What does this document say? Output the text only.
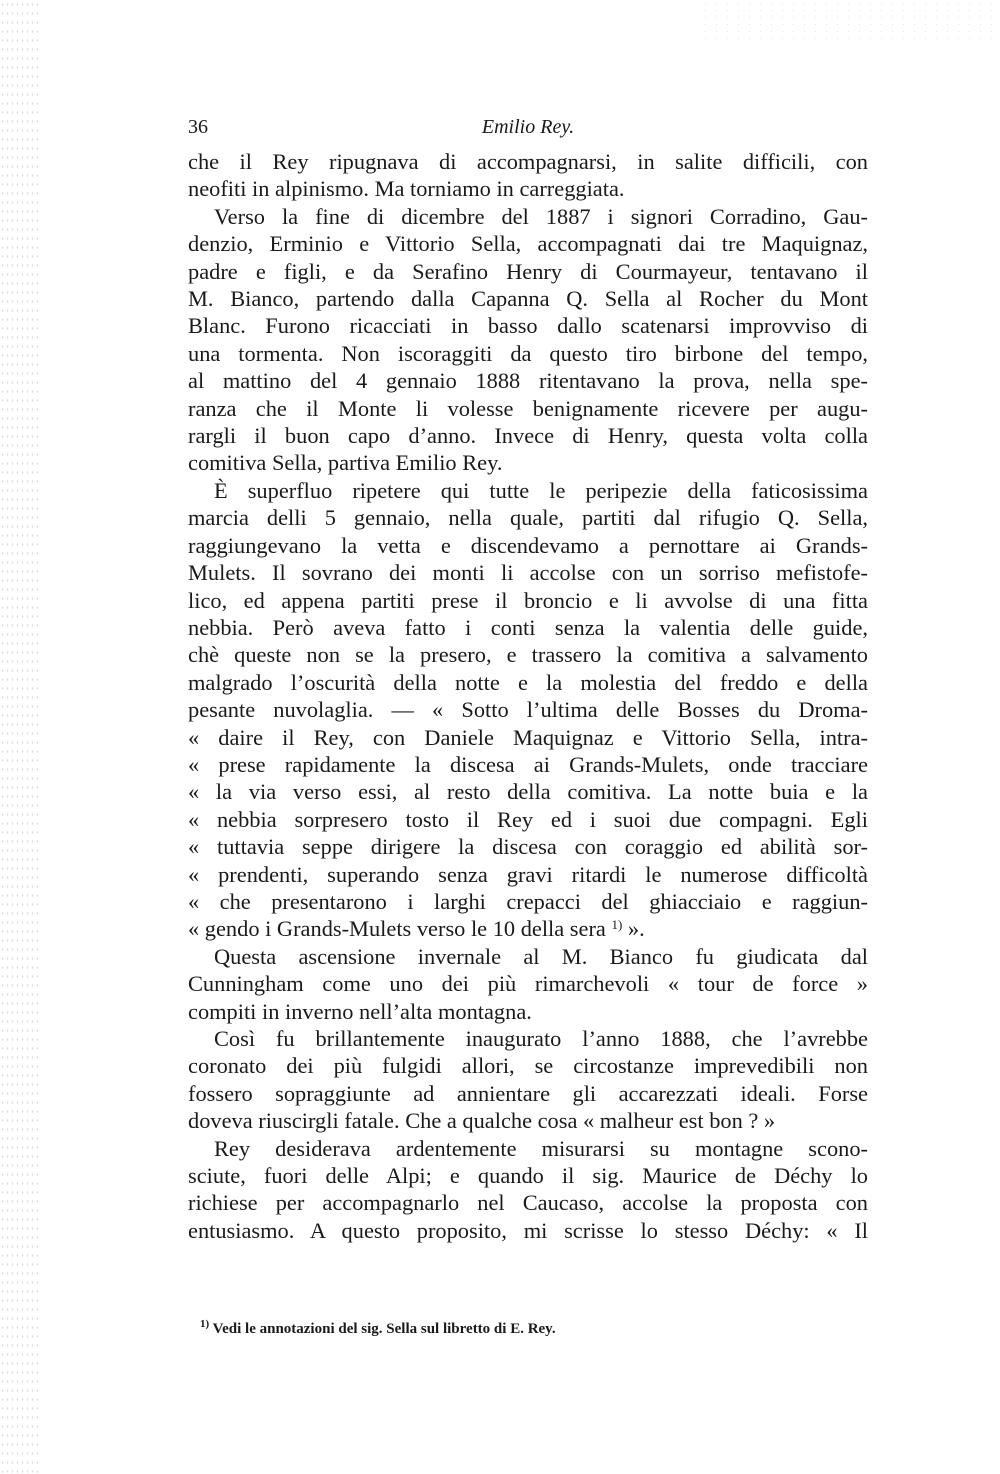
36	Emilio Rey.
che il Rey ripugnava di accompagnarsi, in salite difficili, con
neofiti in alpinismo. Ma torniamo in carreggiata.
Verso la fine di dicembre del 1887 i signori Corradino, Gau-
denzio, Erminio e Vittorio Sella, accompagnati dai tre Maquignaz,
padre e figli, e da Serafino Henry di Courmayeur, tentavano il
M. Bianco, partendo dalla Capanna Q. Sella al Rocher du Mont
Blanc. Furono ricacciati in basso dallo scatenarsi improvviso di
una tormenta. Non iscoraggiti da questo tiro birbone del tempo,
al mattino del 4 gennaio 1888 ritentavano la prova, nella spe-
ranza che il Monte li volesse benignamente ricevere per augu-
rargli il buon capo d’anno. Invece di Henry, questa volta colla
comitiva Sella, partiva Emilio Rey.
È superfluo ripetere qui tutte le peripezie della faticosissima
marcia delli 5 gennaio, nella quale, partiti dal rifugio Q. Sella,
raggiungevano la vetta e discendevamo a pernottare ai Grands-
Mulets. Il sovrano dei monti li accolse con un sorriso mefistofe-
lico, ed appena partiti prese il broncio e li avvolse di una fitta
nebbia. Però aveva fatto i conti senza la valentia delle guide,
chè queste non se la presero, e trassero la comitiva a salvamento
malgrado l’oscurità della notte e la molestia del freddo e della
pesante nuvolaglia. — « Sotto l’ultima delle Bosses du Droma-
« daire il Rey, con Daniele Maquignaz e Vittorio Sella, intra-
« prese rapidamente la discesa ai Grands-Mulets, onde tracciare
« la via verso essi, al resto della comitiva. La notte buia e la
« nebbia sorpresero tosto il Rey ed i suoi due compagni. Egli
« tuttavia seppe dirigere la discesa con coraggio ed abilità sor-
« prendenti, superando senza gravi ritardi le numerose difficoltà
« che presentarono i larghi crepacci del ghiacciaio e raggiun-
« gendo i Grands-Mulets verso le 10 della sera $^{1)}$ ».
Questa ascensione invernale al M. Bianco fu giudicata dal
Cunningham come uno dei più rimarchevoli « tour de force »
compiti in inverno nell’alta montagna.
Così fu brillantemente inaugurato l’anno 1888, che l’avrebbe
coronato dei più fulgidi allori, se circostanze imprevedibili non
fossero sopraggiunte ad annientare gli accarezzati ideali. Forse
doveva riuscirgli fatale. Che a qualche cosa « malheur est bon ? »
Rey desiderava ardentemente misurarsi su montagne scono-
sciute, fuori delle Alpi; e quando il sig. Maurice de Déchy lo
richiese per accompagnarlo nel Caucaso, accolse la proposta con
entusiasmo. A questo proposito, mi scrisse lo stesso Déchy: « Il
$^{1)}$ Vedi le annotazioni del sig. Sella sul libretto di E. Rey.
